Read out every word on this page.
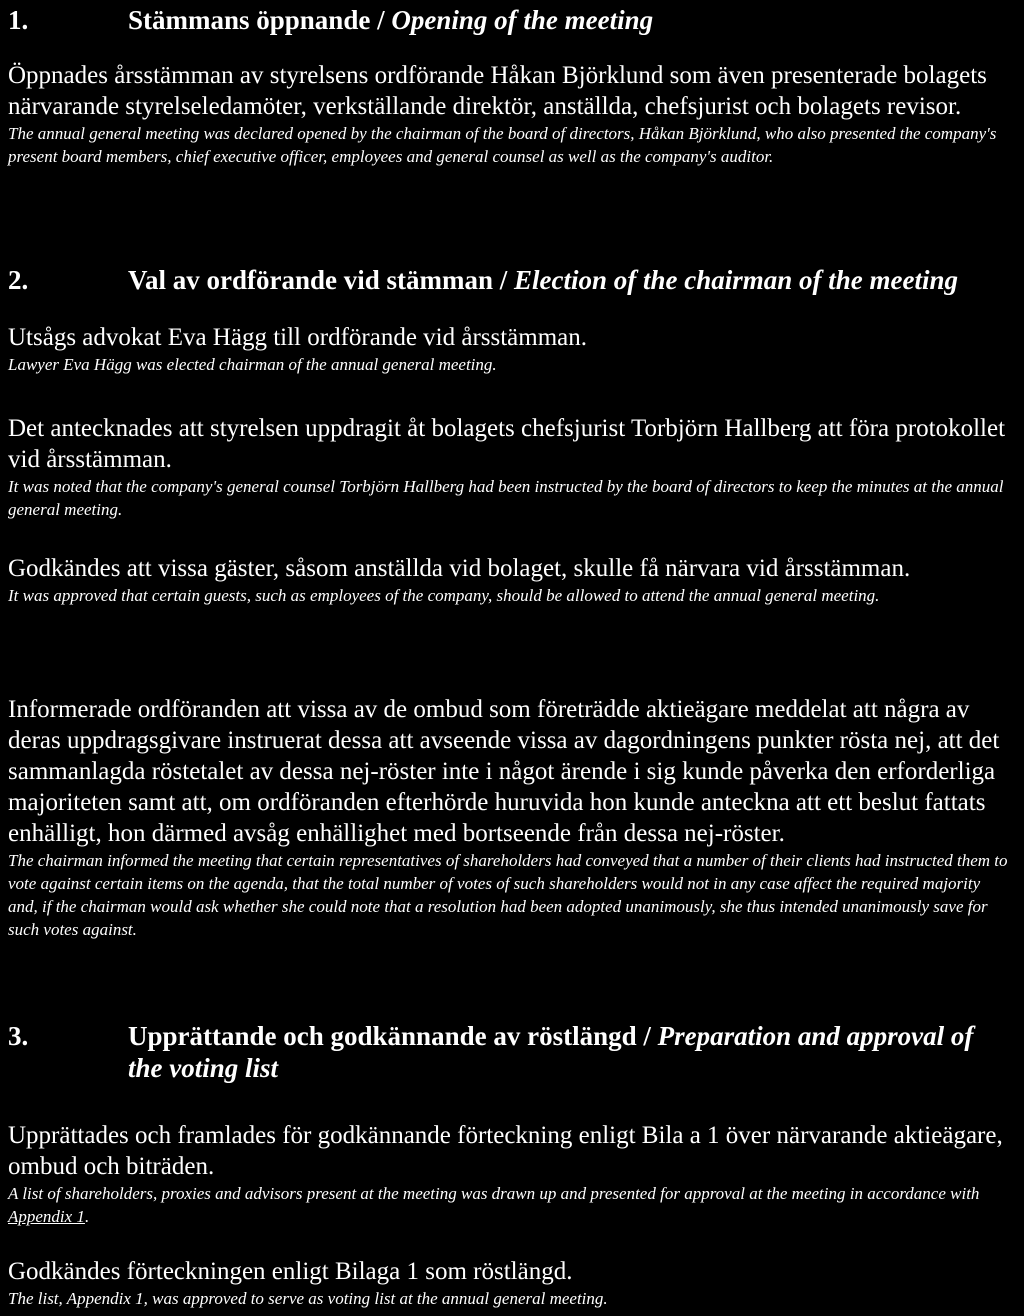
1.	Stämmans öppnande / Opening of the meeting

Öppnades årsstämman av styrelsens ordförande Håkan Björklund som även presenterade bolagets närvarande styrelseledamöter, verkställande direktör, anställda, chefsjurist och bolagets revisor.

The annual general meeting was declared opened by the chairman of the board of directors, Håkan Björklund, who also presented the company's present board members, chief executive officer, employees and general counsel as well as the company's auditor.

2.	Val av ordförande vid stämman / Election of the chairman of the meeting

Utsågs advokat Eva Hägg till ordförande vid årsstämman.

Lawyer Eva Hägg was elected chairman of the annual general meeting.

Det antecknades att styrelsen uppdragit åt bolagets chefsjurist Torbjörn Hallberg att föra protokollet vid årsstämman.

It was noted that the company's general counsel Torbjörn Hallberg had been instructed by the board of directors to keep the minutes at the annual general meeting.

Godkändes att vissa gäster, såsom anställda vid bolaget, skulle få närvara vid årsstämman.

It was approved that certain guests, such as employees of the company, should be allowed to attend the annual general meeting.

Informerade ordföranden att vissa av de ombud som företrädde aktieägare meddelat att några av deras uppdragsgivare instruerat dessa att avseende vissa av dagordningens punkter rösta nej, att det sammanlagda röstetalet av dessa nej-röster inte i något ärende i sig kunde påverka den erforderliga majoriteten samt att, om ordföranden efterhörde huruvida hon kunde anteckna att ett beslut fattats enhälligt, hon därmed avsåg enhällighet med bortseende från dessa nej-röster.

The chairman informed the meeting that certain representatives of shareholders had conveyed that a number of their clients had instructed them to vote against certain items on the agenda, that the total number of votes of such shareholders would not in any case affect the required majority and, if the chairman would ask whether she could note that a resolution had been adopted unanimously, she thus intended unanimously save for such votes against.

3.	Upprättande och godkännande av röstlängd / Preparation and approval of the voting list

Upprättades och framlades för godkännande förteckning enligt Bila a 1 över närvarande aktieägare, ombud och biträden.

A list of shareholders, proxies and advisors present at the meeting was drawn up and presented for approval at the meeting in accordance with Appendix 1.

Godkändes förteckningen enligt Bilaga 1 som röstlängd.

The list, Appendix 1, was approved to serve as voting list at the annual general meeting.
